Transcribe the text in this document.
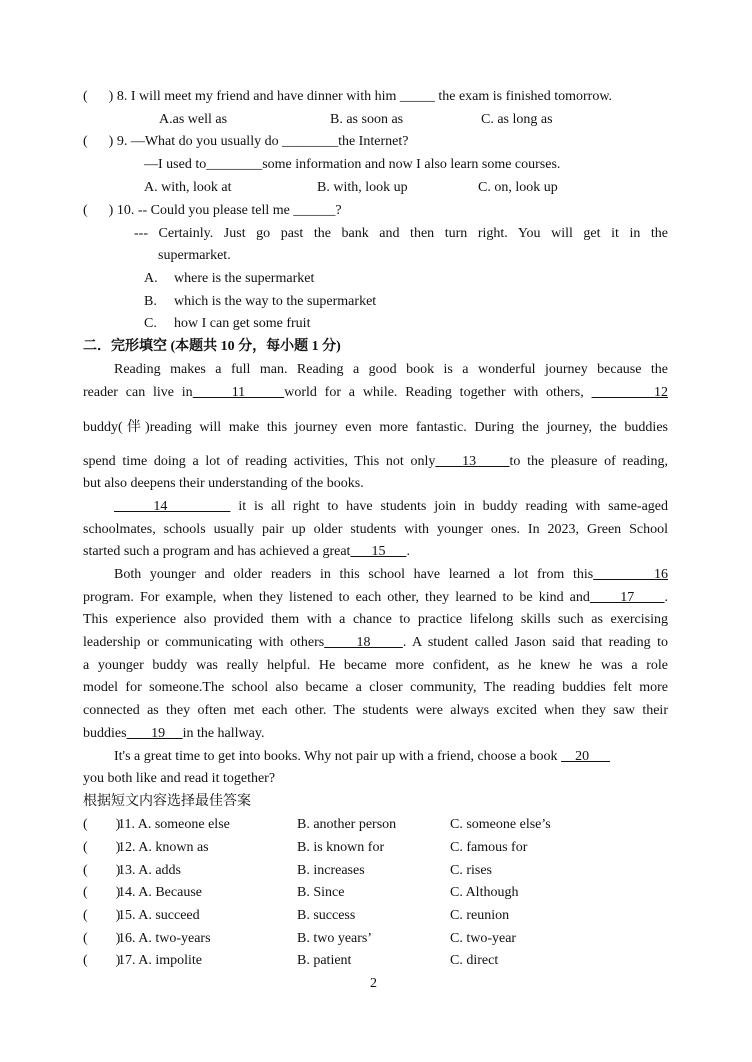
(      ) 8. I will meet my friend and have dinner with him _____ the exam is finished tomorrow.
A.as well as	B. as soon as	C. as long as
(      ) 9. —What do you usually do ________the Internet?
—I used to________some information and now I also learn some courses.
A. with, look at	B. with, look up	C. on, look up
(      ) 10. -- Could you please tell me ______?
--- Certainly. Just go past the bank and then turn right. You will get it in the
supermarket.
A. where is the supermarket
B. which is the way to the supermarket
C. how I can get some fruit
二．完形填空 (本题共 10 分，每小题 1 分)
Reading makes a full man. Reading a good book is a wonderful journey because the
reader can live in     11     world for a while. Reading together with others,         12
buddy(伴)reading will make this journey even more fantastic. During the journey, the buddies
spend time doing a lot of reading activities, This not only    13     to the pleasure of reading,
but also deepens their understanding of the books.
14         it is all right to have students join in buddy reading with same-aged
schoolmates, schools usually pair up older students with younger ones. In 2023, Green School
started such a program and has achieved a great      15      .
Both younger and older readers in this school have learned a lot from this       16
program. For example, when they listened to each other, they learned to be kind and     17     .
This experience also provided them with a chance to practice lifelong skills such as exercising
leadership or communicating with others     18     . A student called Jason said that reading to
a younger buddy was really helpful. He became more confident, as he knew he was a role
model for someone.The school also became a closer community, The reading buddies felt more
connected as they often met each other. The students were always excited when they saw their
buddies       19     in the hallway.
It's a great time to get into books. Why not pair up with a friend, choose a book     20
you both like and read it together?
根据短文内容选择最佳答案
(        )
11. A. someone else	B. another person	C. someone else’s
(        )
12. A. known as	B. is known for	C. famous for
(        )
13. A. adds	B. increases	C. rises
(        )
14. A. Because	B. Since	C. Although
(        )
15. A. succeed	B. success	C. reunion
(        )
16. A. two-years	B. two years’	C. two-year
(        )
17. A. impolite	B. patient	C. direct
2
